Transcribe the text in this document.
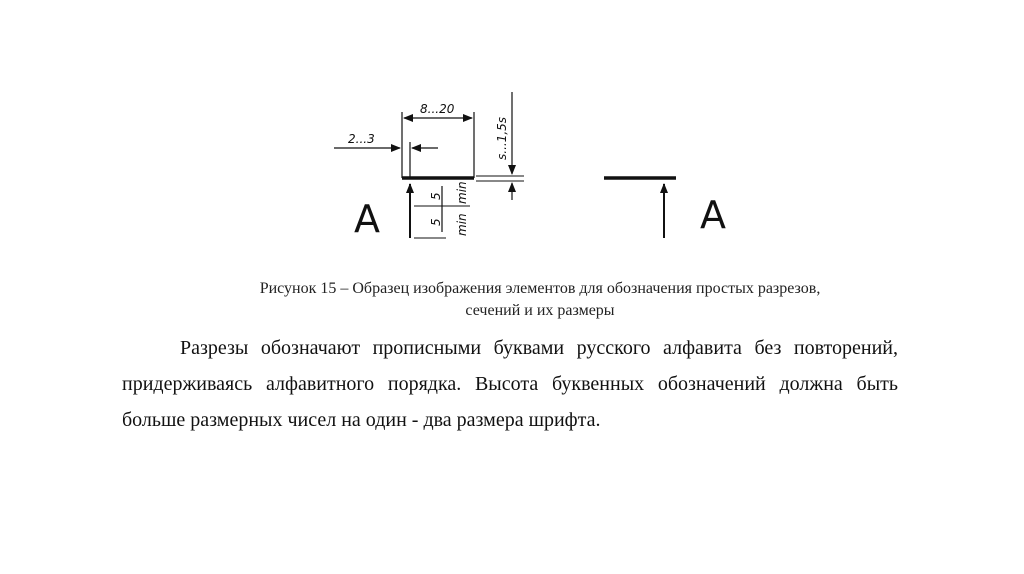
8...20
2...3	s...1,5s
5 min
5 min
А	А
Рисунок 15 – Образец изображения элементов для обозначения простых разрезов,
сечений и их размеры

Разрезы обозначают прописными буквами русского алфавита без повторений, придерживаясь алфавитного порядка. Высота буквенных обозначений должна быть больше размерных чисел на один - два размера шрифта.
